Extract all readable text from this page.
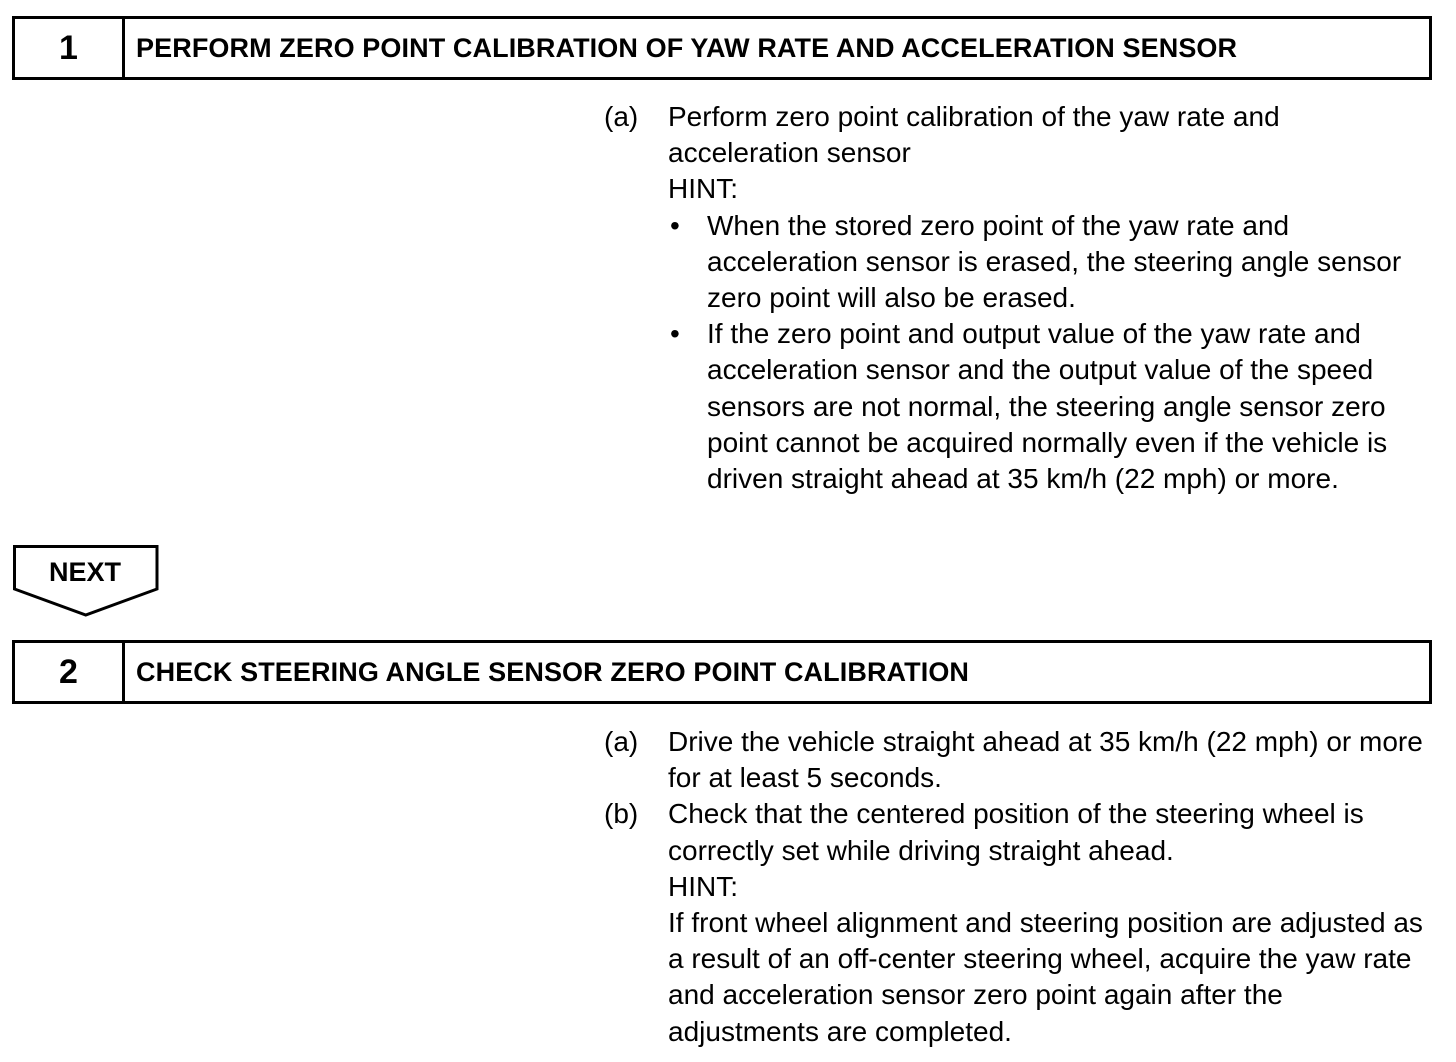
1	PERFORM ZERO POINT CALIBRATION OF YAW RATE AND ACCELERATION SENSOR
(a)	Perform zero point calibration of the yaw rate and acceleration sensor
HINT:
• When the stored zero point of the yaw rate and acceleration sensor is erased, the steering angle sensor zero point will also be erased.
• If the zero point and output value of the yaw rate and acceleration sensor and the output value of the speed sensors are not normal, the steering angle sensor zero point cannot be acquired normally even if the vehicle is driven straight ahead at 35 km/h (22 mph) or more.
NEXT
2	CHECK STEERING ANGLE SENSOR ZERO POINT CALIBRATION
(a)	Drive the vehicle straight ahead at 35 km/h (22 mph) or more for at least 5 seconds.
(b)	Check that the centered position of the steering wheel is correctly set while driving straight ahead.
HINT:
If front wheel alignment and steering position are adjusted as a result of an off-center steering wheel, acquire the yaw rate and acceleration sensor zero point again after the adjustments are completed.
